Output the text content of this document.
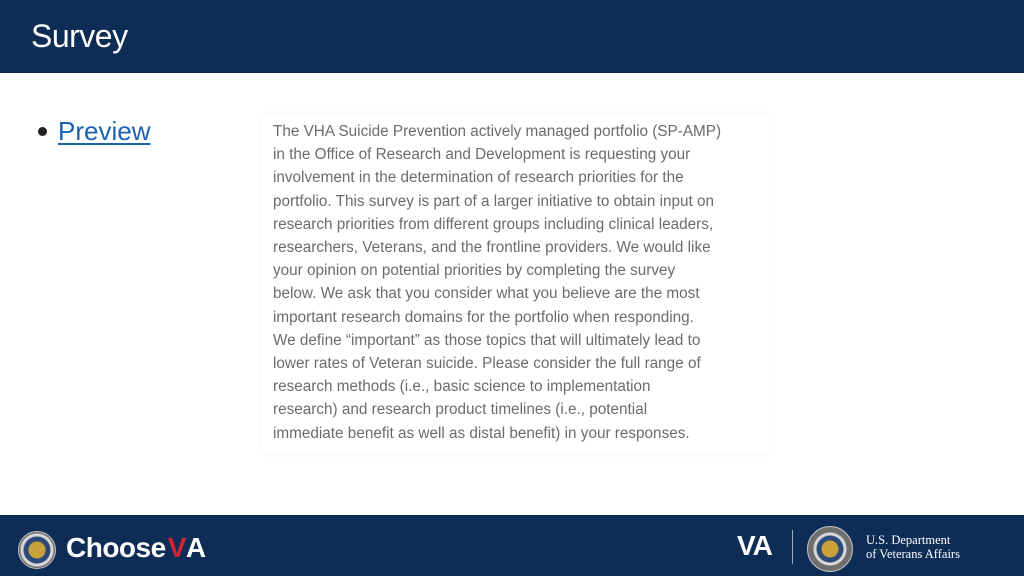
Survey
Preview	The VHA Suicide Prevention actively managed portfolio (SP-AMP)
in the Office of Research and Development is requesting your
involvement in the determination of research priorities for the
portfolio. This survey is part of a larger initiative to obtain input on
research priorities from different groups including clinical leaders,
researchers, Veterans, and the frontline providers. We would like
your opinion on potential priorities by completing the survey
below. We ask that you consider what you believe are the most
important research domains for the portfolio when responding.
We define “important” as those topics that will ultimately lead to
lower rates of Veteran suicide. Please consider the full range of
research methods (i.e., basic science to implementation
research) and research product timelines (i.e., potential
immediate benefit as well as distal benefit) in your responses.
Choose V A	VA	U.S. Department
of Veterans Affairs
